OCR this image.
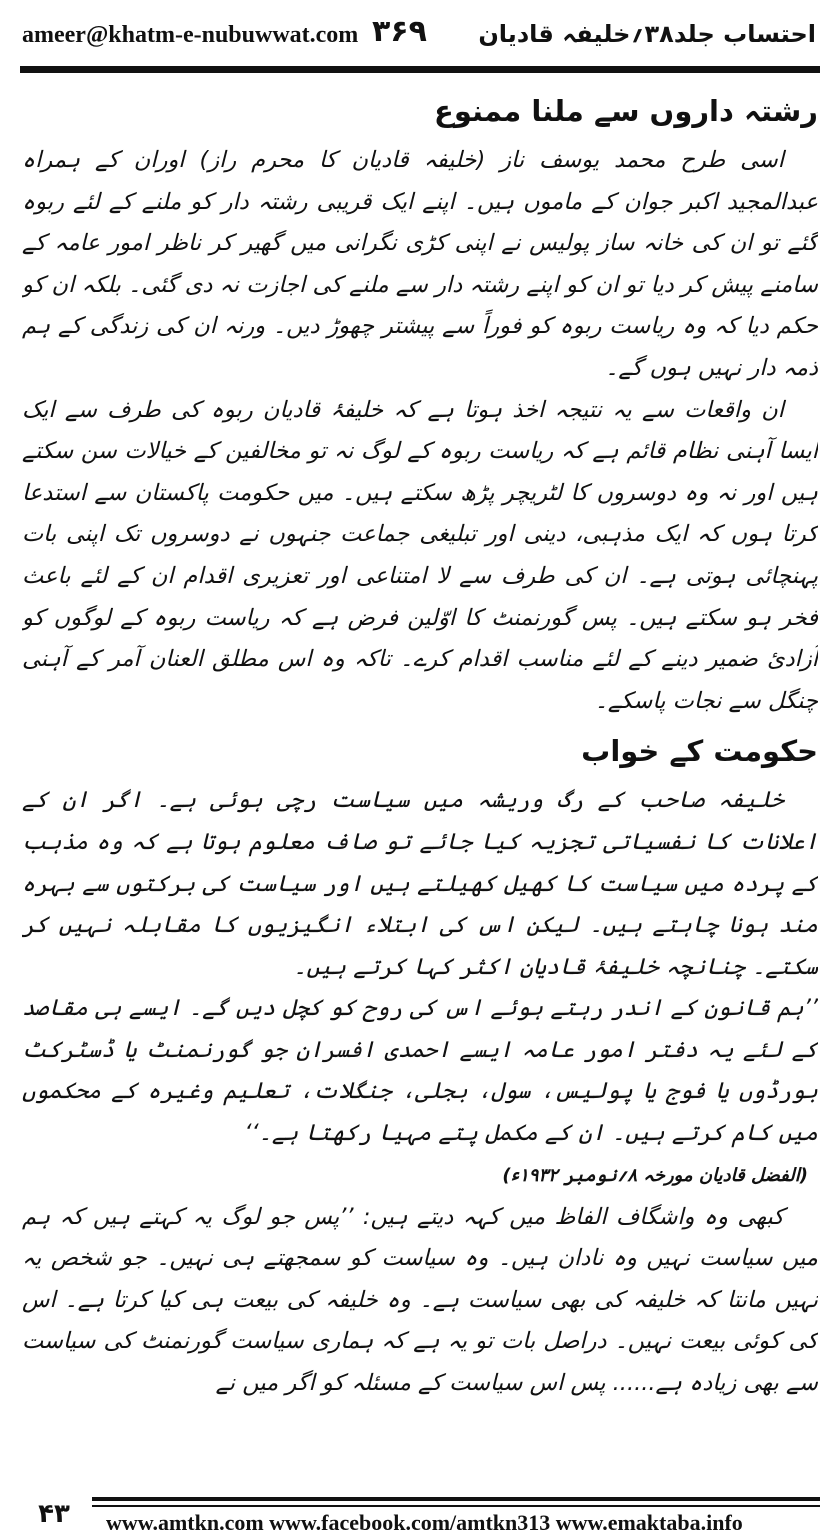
ameer@khatm-e-nubuwwat.com ۳۶۹ احتساب جلد۳۸؍خلیفہ قادیان

رشتہ داروں سے ملنا ممنوع

اسی طرح محمد یوسف ناز (خلیفہ قادیان کا محرم راز) اوران کے ہمراہ عبدالمجید اکبر جوان کے ماموں ہیں۔ اپنے ایک قریبی رشتہ دار کو ملنے کے لئے ربوہ گئے تو ان کی خانہ ساز پولیس نے اپنی کڑی نگرانی میں گھیر کر ناظر امور عامہ کے سامنے پیش کر دیا تو ان کو اپنے رشتہ دار سے ملنے کی اجازت نہ دی گئی۔ بلکہ ان کو حکم دیا کہ وہ ریاست ربوہ کو فوراً سے پیشتر چھوڑ دیں۔ ورنہ ان کی زندگی کے ہم ذمہ دار نہیں ہوں گے۔

ان واقعات سے یہ نتیجہ اخذ ہوتا ہے کہ خلیفۂ قادیان ربوہ کی طرف سے ایک ایسا آہنی نظام قائم ہے کہ ریاست ربوہ کے لوگ نہ تو مخالفین کے خیالات سن سکتے ہیں اور نہ وہ دوسروں کا لٹریچر پڑھ سکتے ہیں۔ میں حکومت پاکستان سے استدعا کرتا ہوں کہ ایک مذہبی، دینی اور تبلیغی جماعت جنہوں نے دوسروں تک اپنی بات پہنچائی ہوتی ہے۔ ان کی طرف سے لا امتناعی اور تعزیری اقدام ان کے لئے باعث فخر ہو سکتے ہیں۔ پس گورنمنٹ کا اوّلین فرض ہے کہ ریاست ربوہ کے لوگوں کو آزادئ ضمیر دینے کے لئے مناسب اقدام کرے۔ تاکہ وہ اس مطلق العنان آمر کے آہنی چنگل سے نجات پاسکے۔

حکومت کے خواب

خلیفہ صاحب کے رگ وریشہ میں سیاست رچی ہوئی ہے۔ اگر ان کے اعلانات کا نفسیاتی تجزیہ کیا جائے تو صاف معلوم ہوتا ہے کہ وہ مذہب کے پردہ میں سیاست کا کھیل کھیلتے ہیں اور سیاست کی برکتوں سے بہرہ مند ہونا چاہتے ہیں۔ لیکن اس کی ابتلاء انگیزیوں کا مقابلہ نہیں کر سکتے۔ چنانچہ خلیفۂ قادیان اکثر کہا کرتے ہیں۔

’’ہم قانون کے اندر رہتے ہوئے اس کی روح کو کچل دیں گے۔ ایسے ہی مقاصد کے لئے یہ دفتر امور عامہ ایسے احمدی افسران جو گورنمنٹ یا ڈسٹرکٹ بورڈوں یا فوج یا پولیس، سول، بجلی، جنگلات، تعلیم وغیرہ کے محکموں میں کام کرتے ہیں۔ ان کے مکمل پتے مہیا رکھتا ہے۔‘‘

(الفضل قادیان مورخہ ۸؍نومبر ۱۹۳۲ء)

کبھی وہ واشگاف الفاظ میں کہہ دیتے ہیں: ’’پس جو لوگ یہ کہتے ہیں کہ ہم میں سیاست نہیں وہ نادان ہیں۔ وہ سیاست کو سمجھتے ہی نہیں۔ جو شخص یہ نہیں مانتا کہ خلیفہ کی بھی سیاست ہے۔ وہ خلیفہ کی بیعت ہی کیا کرتا ہے۔ اس کی کوئی بیعت نہیں۔ دراصل بات تو یہ ہے کہ ہماری سیاست گورنمنٹ کی سیاست سے بھی زیادہ ہے...... پس اس سیاست کے مسئلہ کو اگر میں نے

۴۳	www.amtkn.com www.facebook.com/amtkn313 www.emaktaba.info
